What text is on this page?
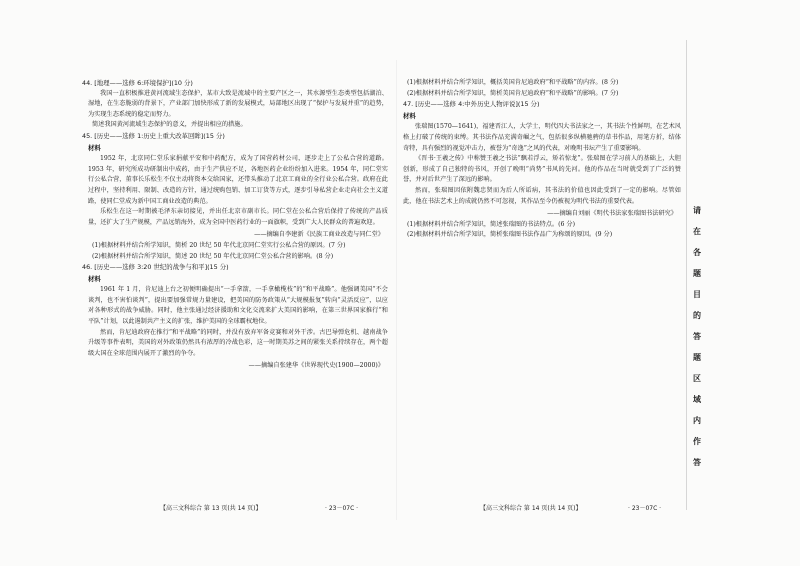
44. [地理——选修 6:环境保护](10 分)

我国一直积极推进黄河流域生态保护，某市大致是流域中的主要产区之一，其水源型生态类型包括湖泊、湿地，在生态脆弱的背景下，产业部门加快形成了新的发展模式，局部地区出现了“保护与发展并重”的趋势，为实现生态系统的稳定而努力。

简述我国黄河流域生态保护的意义，并提出相应的措施。

45. [历史——选修 1:历史上重大改革回眸](15 分)

材料

1952 年，北京同仁堂乐家捐献平安和中药配方，成为了国营药材公司，逐步走上了公私合营的道路。1953 年，研究所成功研制出中成药，由于生产供应不足，各地医药企业纷纷加入进来。1954 年，同仁堂实行公私合营，董事长乐松生不仅主动将资本交给国家，还带头推动了北京工商业的全行业公私合营。政府在此过程中，坚持利用、限制、改造的方针，通过统购包销、加工订货等方式，逐步引导私营企业走向社会主义道路，使同仁堂成为新中国工商业改造的典范。

乐松生在这一时期被毛泽东亲切接见，并出任北京市副市长。同仁堂在公私合营后保持了传统的产品质量，还扩大了生产规模，产品远销海外，成为全国中医药行业的一面旗帜，受到广大人民群众的普遍欢迎。

——摘编自李建新《民族工商业改造与同仁堂》

(1)根据材料并结合所学知识，简析 20 世纪 50 年代北京同仁堂实行公私合营的原因。(7 分)

(2)根据材料并结合所学知识，简述 20 世纪 50 年代北京同仁堂公私合营的影响。(8 分)

46. [历史——选修 3:20 世纪的战争与和平](15 分)

材料

1961 年 1 月，肯尼迪上台之初便明确提出“一手拿箭，一手拿橄榄枝”的“和平战略”。他强调美国“不会谈判，也不害怕谈判”，提出要加强常规力量建设，把美国的防务政策从“大规模报复”转向“灵活反应”，以应对各种形式的战争威胁。同时，他主张通过经济援助和文化交流来扩大美国的影响，在第三世界国家推行“和平队”计划，以此遏制共产主义的扩张，维护美国的全球霸权地位。

然而，肯尼迪政府在推行“和平战略”的同时，并没有放弃军备竞赛和对外干涉。古巴导弹危机、越南战争升级等事件表明，美国的对外政策仍然具有浓厚的冷战色彩，这一时期美苏之间的紧张关系持续存在，两个超级大国在全球范围内展开了激烈的争夺。

——摘编自张建华《世界现代史(1900—2000)》

【高三文科综合 第 13 页(共 14 页)】	· 23－07C ·

(1)根据材料并结合所学知识，概括美国肯尼迪政府“和平战略”的内容。(8 分)

(2)根据材料并结合所学知识，简析美国肯尼迪政府“和平战略”的影响。(7 分)

47. [历史——选修 4:中外历史人物评说](15 分)

材料

张瑞图(1570—1641)，福建晋江人，大学士，明代四大书法家之一，其书法个性鲜明，在艺术风格上打破了传统的束缚。其书法作品充满奇崛之气，包括很多纵横驰骋的草书作品，用笔方折，结体奇特，具有强烈的视觉冲击力，被誉为“奇逸”之风的代表，对晚明书坛产生了重要影响。

《晋书·王羲之传》中称赞王羲之书法“飘若浮云，矫若惊龙”。张瑞图在学习前人的基础上，大胆创新，形成了自己独特的书风，开创了晚明“尚势”书风的先河。他的作品在当时就受到了广泛的赞誉，并对后世产生了深远的影响。

然而，张瑞图因依附魏忠贤而为后人所诟病，其书法的价值也因此受到了一定的影响。尽管如此，他在书法艺术上的成就仍然不可忽视，其作品至今仍被视为明代书法的重要代表。

——摘编自刘丽《明代书法家张瑞图书法研究》

(1)根据材料并结合所学知识，简述张瑞图的书法特点。(6 分)

(2)根据材料并结合所学知识，简析张瑞图书法作品广为称颂的原因。(9 分)

【高三文科综合 第 14 页(共 14 页)】	· 23－07C ·
请在各题目的答题区域内作答
